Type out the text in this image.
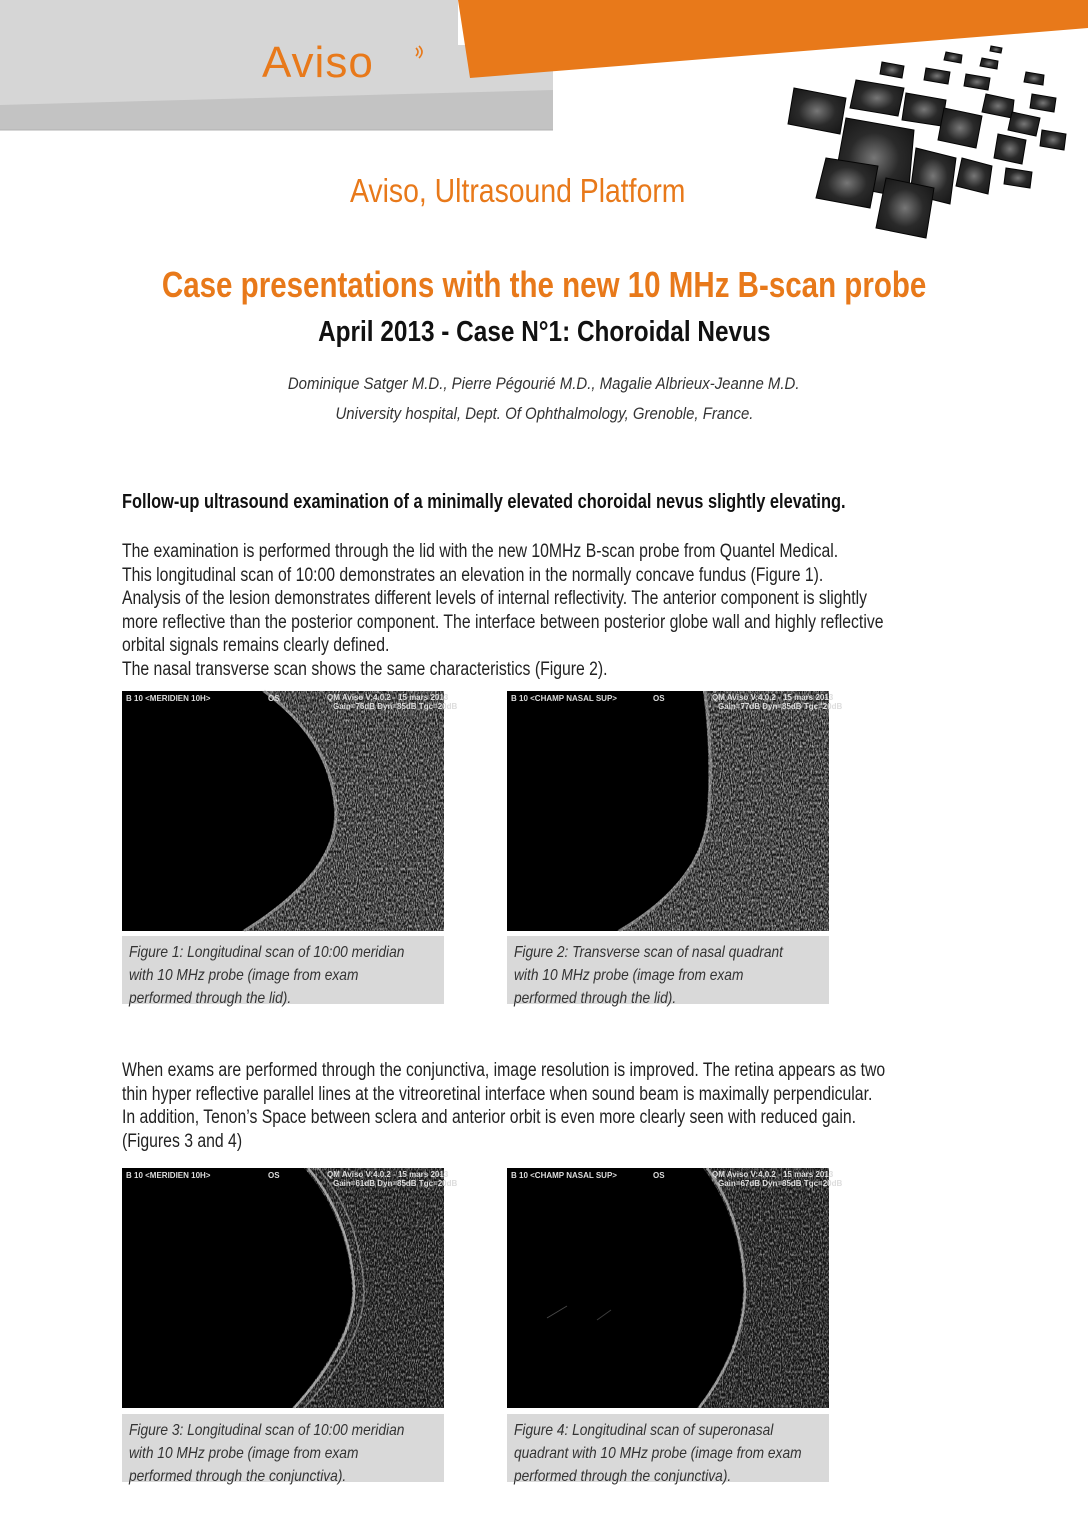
Aviso
Aviso, Ultrasound Platform
Case presentations with the new 10 MHz B-scan probe
April 2013 - Case N°1: Choroidal Nevus
Dominique Satger M.D., Pierre Pégourié M.D., Magalie Albrieux-Jeanne M.D.
University hospital, Dept. Of Ophthalmology, Grenoble, France.
Follow-up ultrasound examination of a minimally elevated choroidal nevus slightly elevating.
The examination is performed through the lid with the new 10MHz B-scan probe from Quantel Medical.
This longitudinal scan of 10:00 demonstrates an elevation in the normally concave fundus (Figure 1).
Analysis of the lesion demonstrates different levels of internal reflectivity. The anterior component is slightly
more reflective than the posterior component. The interface between posterior globe wall and highly reflective
orbital signals remains clearly defined.
The nasal transverse scan shows the same characteristics (Figure 2).
B 10 <MERIDIEN 10H>	OS	QM Aviso V:4.0.2 - 15 mars 2013
Gain=76dB Dyn=85dB Tgc=20dB
Figure 1: Longitudinal scan of 10:00 meridian
with 10 MHz probe (image from exam
performed through the lid).
B 10 <CHAMP NASAL SUP>	OS	QM Aviso V:4.0.2 - 15 mars 2013
Gain=77dB Dyn=85dB Tgc=20dB
Figure 2: Transverse scan of nasal quadrant
with 10 MHz probe (image from exam
performed through the lid).
When exams are performed through the conjunctiva, image resolution is improved. The retina appears as two
thin hyper reflective parallel lines at the vitreoretinal interface when sound beam is maximally perpendicular.
In addition, Tenon’s Space between sclera and anterior orbit is even more clearly seen with reduced gain.
(Figures 3 and 4)
B 10 <MERIDIEN 10H>	OS	QM Aviso V:4.0.2 - 15 mars 2013
Gain=61dB Dyn=85dB Tgc=20dB
Figure 3: Longitudinal scan of 10:00 meridian
with 10 MHz probe (image from exam
performed through the conjunctiva).
B 10 <CHAMP NASAL SUP>	OS	QM Aviso V:4.0.2 - 15 mars 2013
Gain=67dB Dyn=85dB Tgc=20dB
Figure 4: Longitudinal scan of superonasal
quadrant with 10 MHz probe (image from exam
performed through the conjunctiva).
